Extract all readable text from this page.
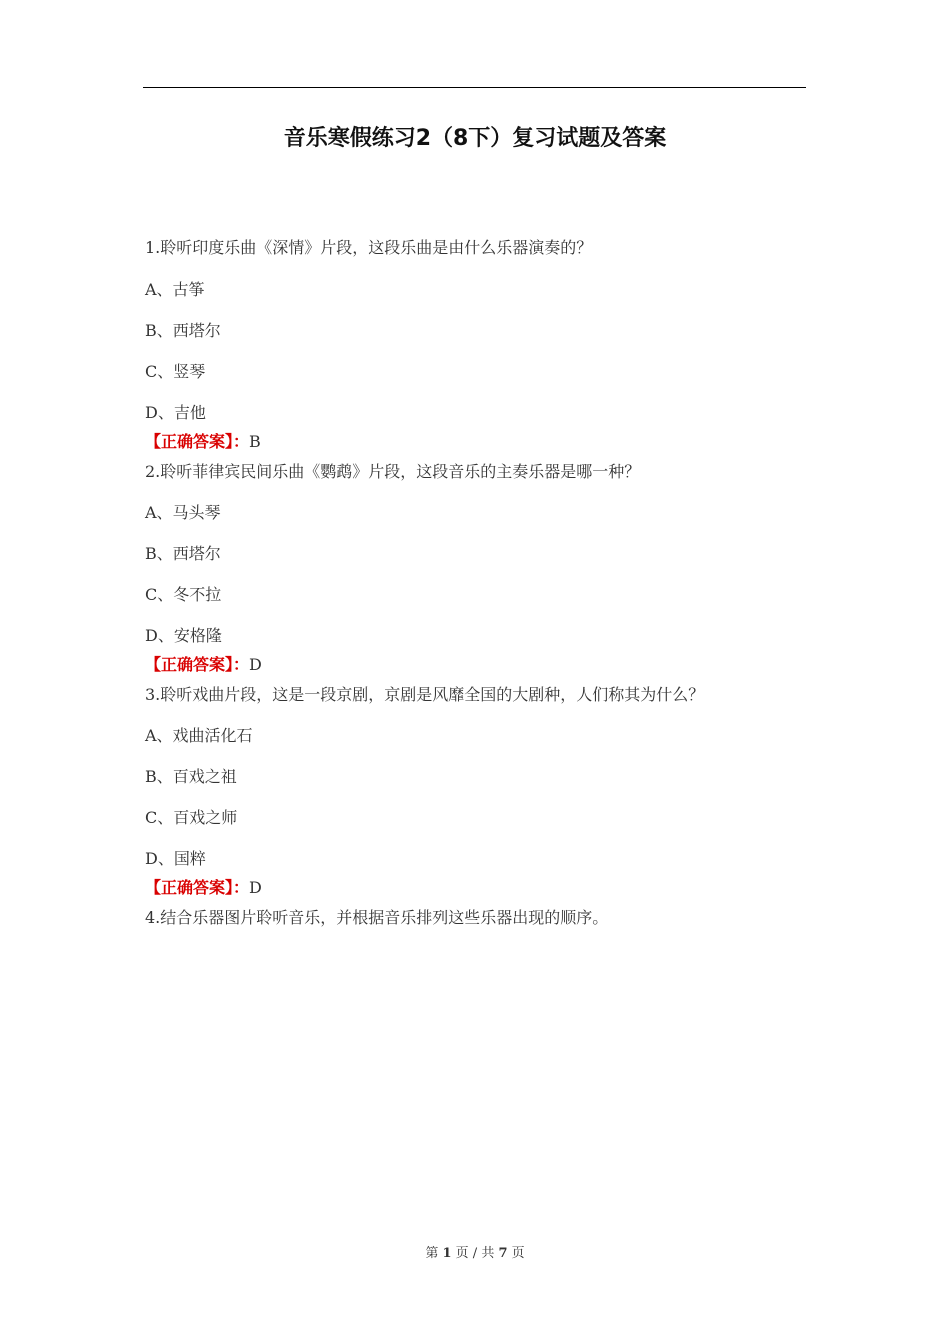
音乐寒假练习2（8下）复习试题及答案
1.聆听印度乐曲《深情》片段，这段乐曲是由什么乐器演奏的？
A、古筝
B、西塔尔
C、竖琴
D、吉他
【正确答案】：B
2.聆听菲律宾民间乐曲《鹦鹉》片段，这段音乐的主奏乐器是哪一种？
A、马头琴
B、西塔尔
C、冬不拉
D、安格隆
【正确答案】：D
3.聆听戏曲片段，这是一段京剧，京剧是风靡全国的大剧种，人们称其为什么？
A、戏曲活化石
B、百戏之祖
C、百戏之师
D、国粹
【正确答案】：D
4.结合乐器图片聆听音乐，并根据音乐排列这些乐器出现的顺序。
第 1 页 / 共 7 页
